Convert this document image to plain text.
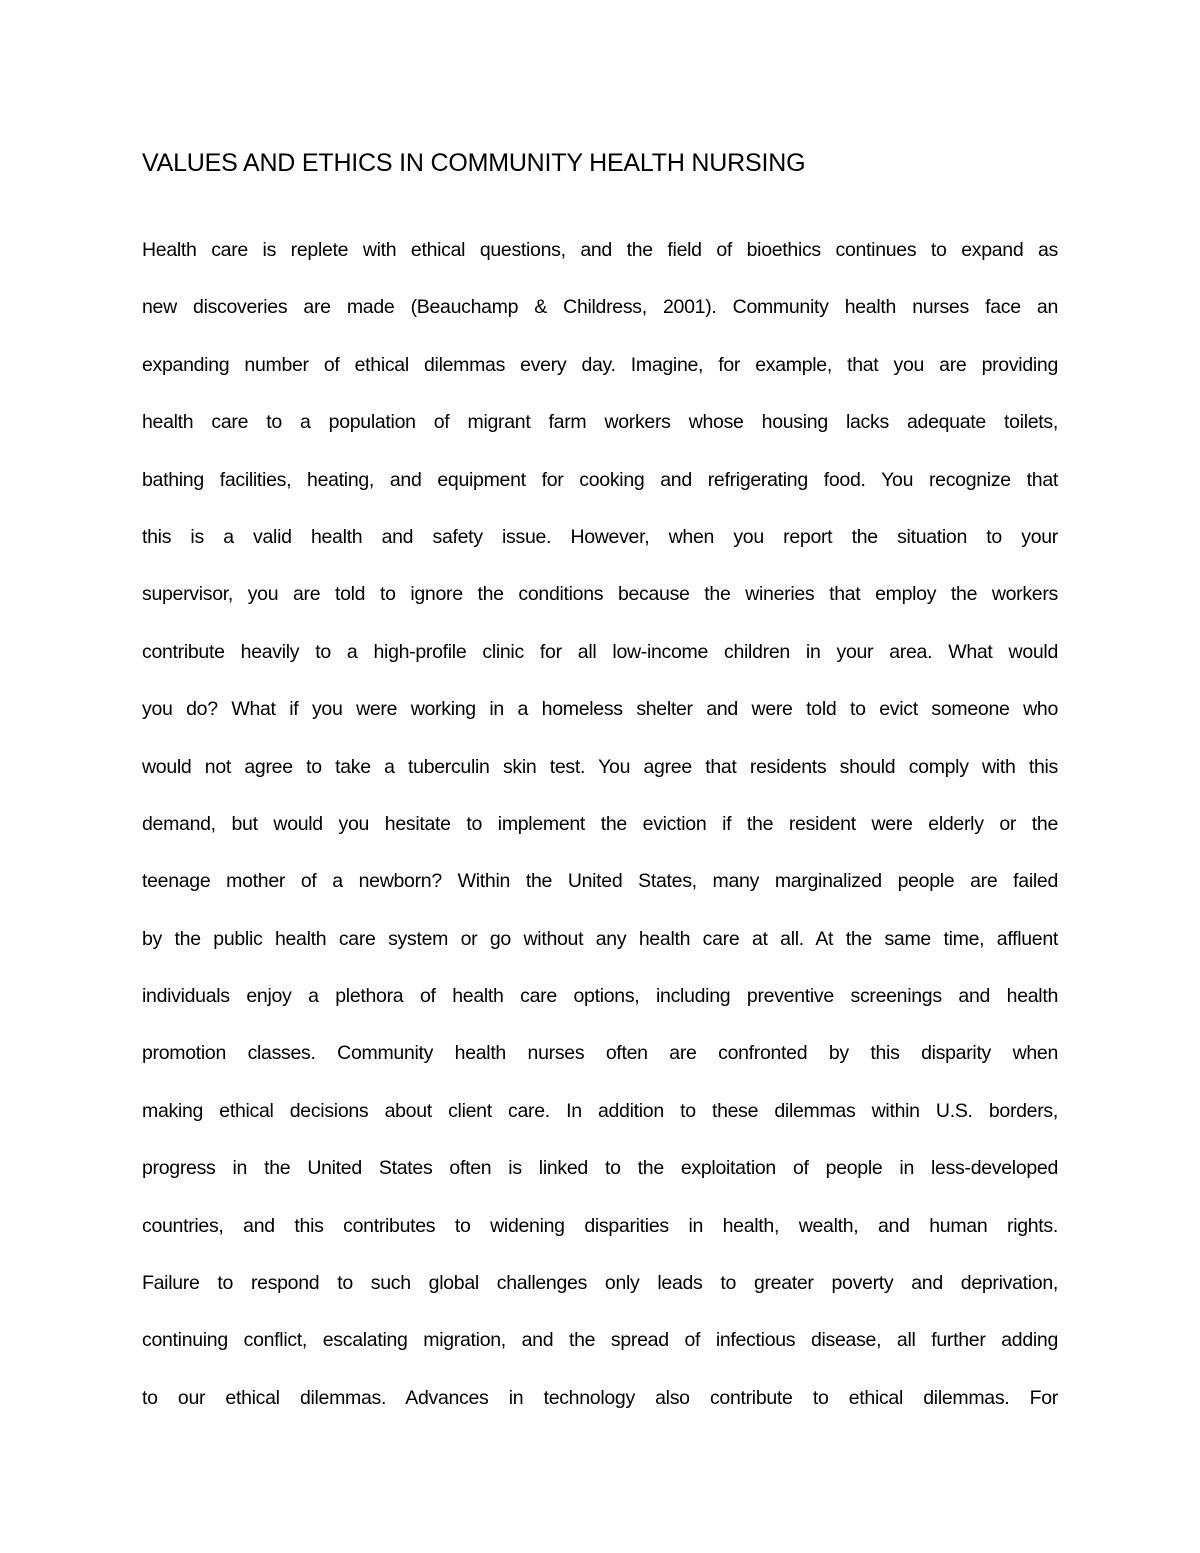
VALUES AND ETHICS IN COMMUNITY HEALTH NURSING
Health care is replete with ethical questions, and the field of bioethics continues to expand as
new discoveries are made (Beauchamp & Childress, 2001). Community health nurses face an
expanding number of ethical dilemmas every day. Imagine, for example, that you are providing
health care to a population of migrant farm workers whose housing lacks adequate toilets,
bathing facilities, heating, and equipment for cooking and refrigerating food. You recognize that
this is a valid health and safety issue. However, when you report the situation to your
supervisor, you are told to ignore the conditions because the wineries that employ the workers
contribute heavily to a high-profile clinic for all low-income children in your area. What would
you do? What if you were working in a homeless shelter and were told to evict someone who
would not agree to take a tuberculin skin test. You agree that residents should comply with this
demand, but would you hesitate to implement the eviction if the resident were elderly or the
teenage mother of a newborn? Within the United States, many marginalized people are failed
by the public health care system or go without any health care at all. At the same time, affluent
individuals enjoy a plethora of health care options, including preventive screenings and health
promotion classes. Community health nurses often are confronted by this disparity when
making ethical decisions about client care. In addition to these dilemmas within U.S. borders,
progress in the United States often is linked to the exploitation of people in less-developed
countries, and this contributes to widening disparities in health, wealth, and human rights.
Failure to respond to such global challenges only leads to greater poverty and deprivation,
continuing conflict, escalating migration, and the spread of infectious disease, all further adding
to our ethical dilemmas. Advances in technology also contribute to ethical dilemmas. For
